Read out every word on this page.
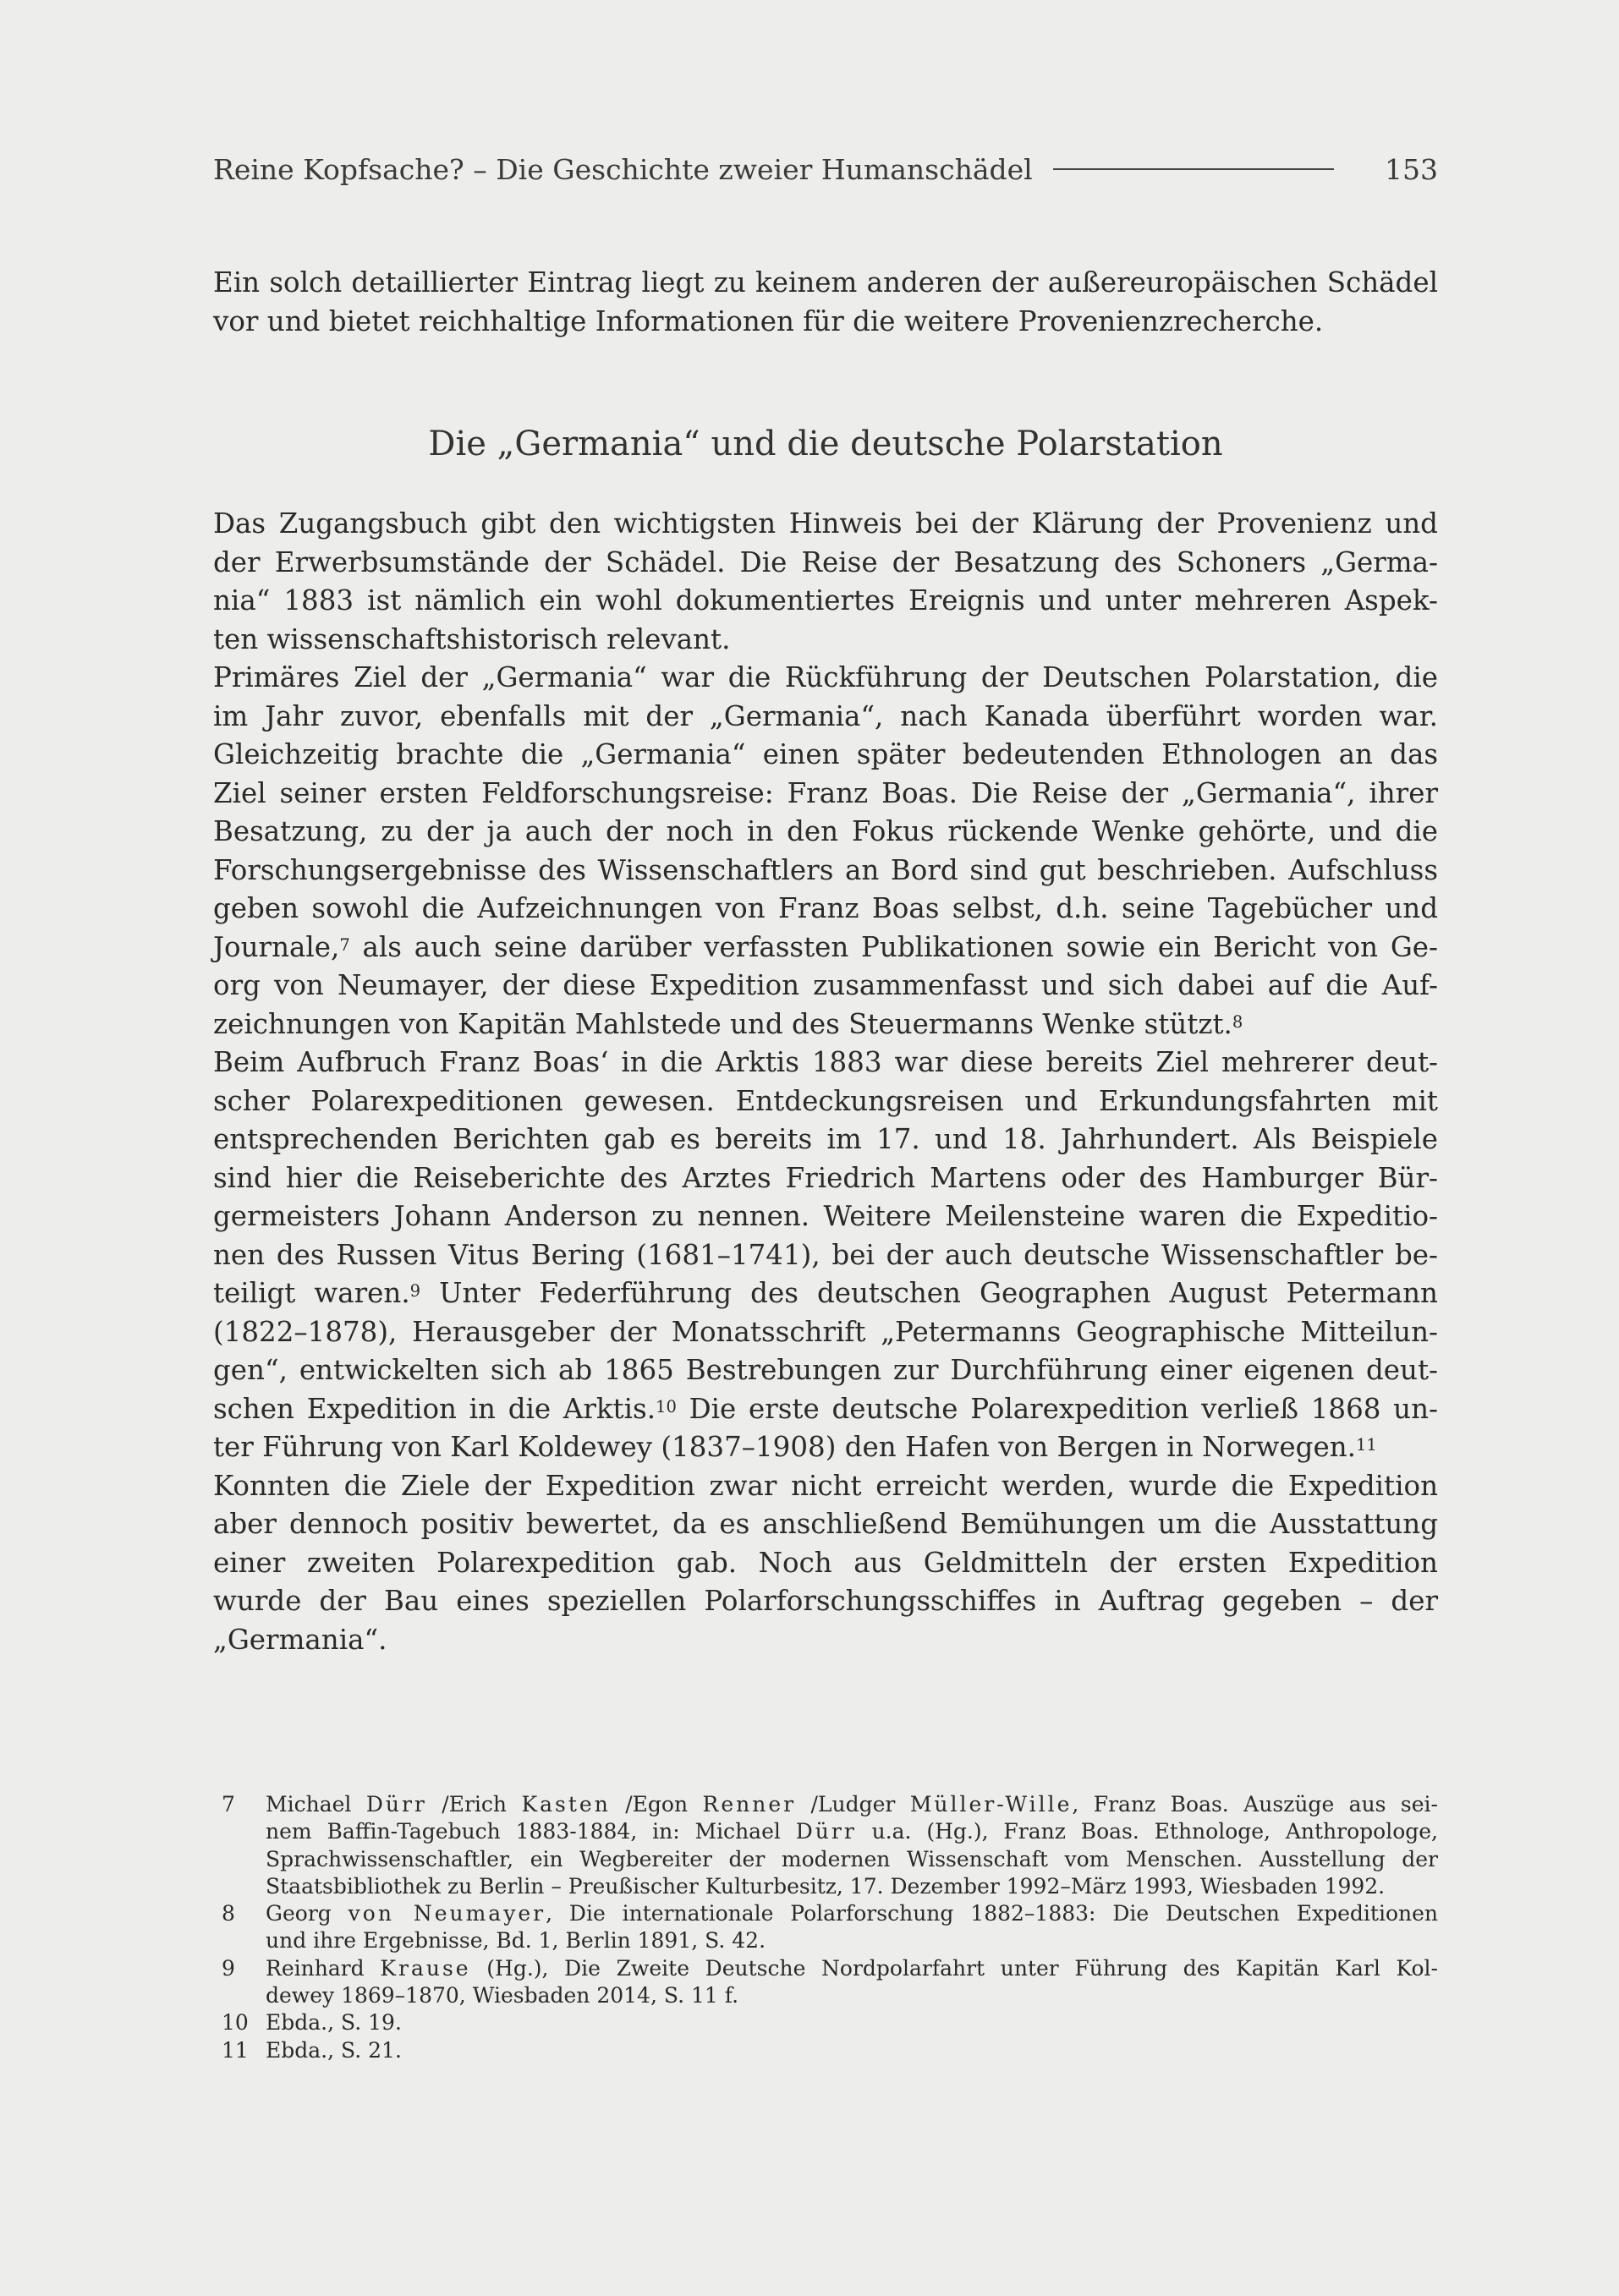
Reine Kopfsache? – Die Geschichte zweier Humanschädel	153
Ein solch detaillierter Eintrag liegt zu keinem anderen der außereuropäischen Schädel
vor und bietet reichhaltige Informationen für die weitere Provenienzrecherche.
Die „Germania“ und die deutsche Polarstation
Das Zugangsbuch gibt den wichtigsten Hinweis bei der Klärung der Provenienz und
der Erwerbsumstände der Schädel. Die Reise der Besatzung des Schoners „Germa-
nia“ 1883 ist nämlich ein wohl dokumentiertes Ereignis und unter mehreren Aspek-
ten wissenschaftshistorisch relevant.
Primäres Ziel der „Germania“ war die Rückführung der Deutschen Polarstation, die
im Jahr zuvor, ebenfalls mit der „Germania“, nach Kanada überführt worden war.
Gleichzeitig brachte die „Germania“ einen später bedeutenden Ethnologen an das
Ziel seiner ersten Feldforschungsreise: Franz Boas. Die Reise der „Germania“, ihrer
Besatzung, zu der ja auch der noch in den Fokus rückende Wenke gehörte, und die
Forschungsergebnisse des Wissenschaftlers an Bord sind gut beschrieben. Aufschluss
geben sowohl die Aufzeichnungen von Franz Boas selbst, d.h. seine Tagebücher und
Journale,$^7$ als auch seine darüber verfassten Publikationen sowie ein Bericht von Ge-
org von Neumayer, der diese Expedition zusammenfasst und sich dabei auf die Auf-
zeichnungen von Kapitän Mahlstede und des Steuermanns Wenke stützt.$^8$
Beim Aufbruch Franz Boas‘ in die Arktis 1883 war diese bereits Ziel mehrerer deut-
scher Polarexpeditionen gewesen. Entdeckungsreisen und Erkundungsfahrten mit
entsprechenden Berichten gab es bereits im 17. und 18. Jahrhundert. Als Beispiele
sind hier die Reiseberichte des Arztes Friedrich Martens oder des Hamburger Bür-
germeisters Johann Anderson zu nennen. Weitere Meilensteine waren die Expeditio-
nen des Russen Vitus Bering (1681–1741), bei der auch deutsche Wissenschaftler be-
teiligt waren.$^9$ Unter Federführung des deutschen Geographen August Petermann
(1822–1878), Herausgeber der Monatsschrift „Petermanns Geographische Mitteilun-
gen“, entwickelten sich ab 1865 Bestrebungen zur Durchführung einer eigenen deut-
schen Expedition in die Arktis.$^{10}$ Die erste deutsche Polarexpedition verließ 1868 un-
ter Führung von Karl Koldewey (1837–1908) den Hafen von Bergen in Norwegen.$^{11}$
Konnten die Ziele der Expedition zwar nicht erreicht werden, wurde die Expedition
aber dennoch positiv bewertet, da es anschließend Bemühungen um die Ausstattung
einer zweiten Polarexpedition gab. Noch aus Geldmitteln der ersten Expedition
wurde der Bau eines speziellen Polarforschungsschiffes in Auftrag gegeben – der
„Germania“.
7	Michael Dürr /Erich Kasten /Egon Renner /Ludger Müller-Wille, Franz Boas. Auszüge aus sei-
nem Baffin-Tagebuch 1883-1884, in: Michael Dürr u.a. (Hg.), Franz Boas. Ethnologe, Anthropologe,
Sprachwissenschaftler, ein Wegbereiter der modernen Wissenschaft vom Menschen. Ausstellung der
Staatsbibliothek zu Berlin – Preußischer Kulturbesitz, 17. Dezember 1992–März 1993, Wiesbaden 1992.
8	Georg von Neumayer, Die internationale Polarforschung 1882–1883: Die Deutschen Expeditionen
und ihre Ergebnisse, Bd. 1, Berlin 1891, S. 42.
9	Reinhard Krause (Hg.), Die Zweite Deutsche Nordpolarfahrt unter Führung des Kapitän Karl Kol-
dewey 1869–1870, Wiesbaden 2014, S. 11 f.
10 Ebda., S. 19.
11 Ebda., S. 21.
